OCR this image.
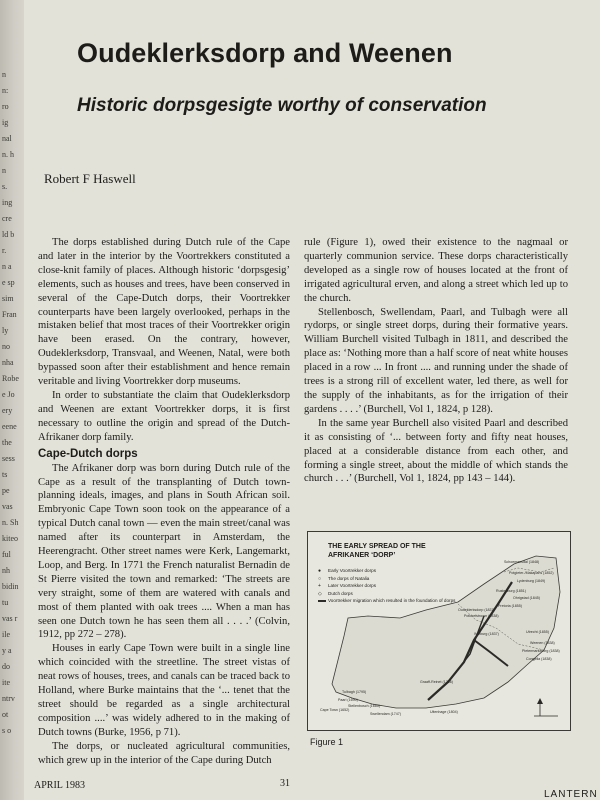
n
n:
ro
ig
nal
n. h
n
s.
ing
cre
ld b
r.
n a
e sp
sim
Fran
ly
no
nha
Robe
e Jo
ery
eene
the
sess
ts
pe
vas
n. Sh
kiteo
ful
nh
bidin
tu
vas r
ile
y a
do
ite
ntrv
ot
s o
Oudeklerksdorp and Weenen
Historic dorpsgesigte worthy of conservation
Robert F Haswell

The dorps established during Dutch rule of the Cape and later in the interior by the Voortrekkers constituted a close-knit family of places. Although historic ‘dorpsgesig’ elements, such as houses and trees, have been conserved in several of the Cape-Dutch dorps, their Voortrekker counterparts have been largely overlooked, perhaps in the mistaken belief that most traces of their Voortrekker origin have been erased. On the contrary, however, Oudeklerksdorp, Transvaal, and Weenen, Natal, were both bypassed soon after their establishment and hence remain veritable and living Voortrekker dorp museums.

In order to substantiate the claim that Oudeklerksdorp and Weenen are extant Voortrekker dorps, it is first necessary to outline the origin and spread of the Dutch-Afrikaner dorp family.

Cape-Dutch dorps

The Afrikaner dorp was born during Dutch rule of the Cape as a result of the transplanting of Dutch town-planning ideals, images, and plans in South African soil. Embryonic Cape Town soon took on the appearance of a typical Dutch canal town — even the main street/canal was named after its counterpart in Amsterdam, the Heerengracht. Other street names were Kerk, Langemarkt, Loop, and Berg. In 1771 the French naturalist Bernadin de St Pierre visited the town and remarked: ‘The streets are very straight, some of them are watered with canals and most of them planted with oak trees .... When a man has seen one Dutch town he has seen them all . . . .’ (Colvin, 1912, pp 272 – 278).

Houses in early Cape Town were built in a single line which coincided with the streetline. The street vistas of neat rows of houses, trees, and canals can be traced back to Holland, where Burke maintains that the ‘... tenet that the street should be regarded as a single architectural composition ....’ was widely adhered to in the making of Dutch towns (Burke, 1956, p 71).

The dorps, or nucleated agricultural communities, which grew up in the interior of the Cape during Dutch

rule (Figure 1), owed their existence to the nagmaal or quarterly communion service. These dorps characteristically developed as a single row of houses located at the front of irrigated agricultural erven, and along a street which led up to the church.

Stellenbosch, Swellendam, Paarl, and Tulbagh were all rydorps, or single street dorps, during their formative years. William Burchell visited Tulbagh in 1811, and described the place as: ‘Nothing more than a half score of neat white houses placed in a row ... In front .... and running under the shade of trees is a strong rill of excellent water, led there, as well for the supply of the inhabitants, as for the irrigation of their gardens . . . .’ (Burchell, Vol 1, 1824, p 128).

In the same year Burchell also visited Paarl and described it as consisting of ‘... between forty and fifty neat houses, placed at a considerable distance from each other, and forming a single street, about the middle of which stands the church . . .’ (Burchell, Vol 1, 1824, pp 143 – 144).

THE EARLY SPREAD OF THE AFRIKANER ‘DORP’
●	Early Voortrekker dorps
○	The dorps of Natalia
+	Later Voortrekker dorps
◇	Dutch dorps
Voortrekker migration which resulted in the foundation of dorps
Schoemansdal (1848)
Potgieter-/Makapans (1852)
Lydenburg (1849)
Rustenburg (1851)
Ohrigstad (1845)
Pretoria (1855)
Oudeklerksdorp (1837)
Potchefstroom (1838)
Winburg (1837)	Utrecht (1855)
Weenen (1838)
Pietermaritzburg (1838)
Congella (1838)
Graaff-Reinet (1786)
Tulbagh (1795)
Paarl (1690)
Stellenbosch (1685)
Cape Town (1652)
Swellendam (1747)	Uitenhage (1804)
Figure 1
APRIL 1983	31
LANTERN
